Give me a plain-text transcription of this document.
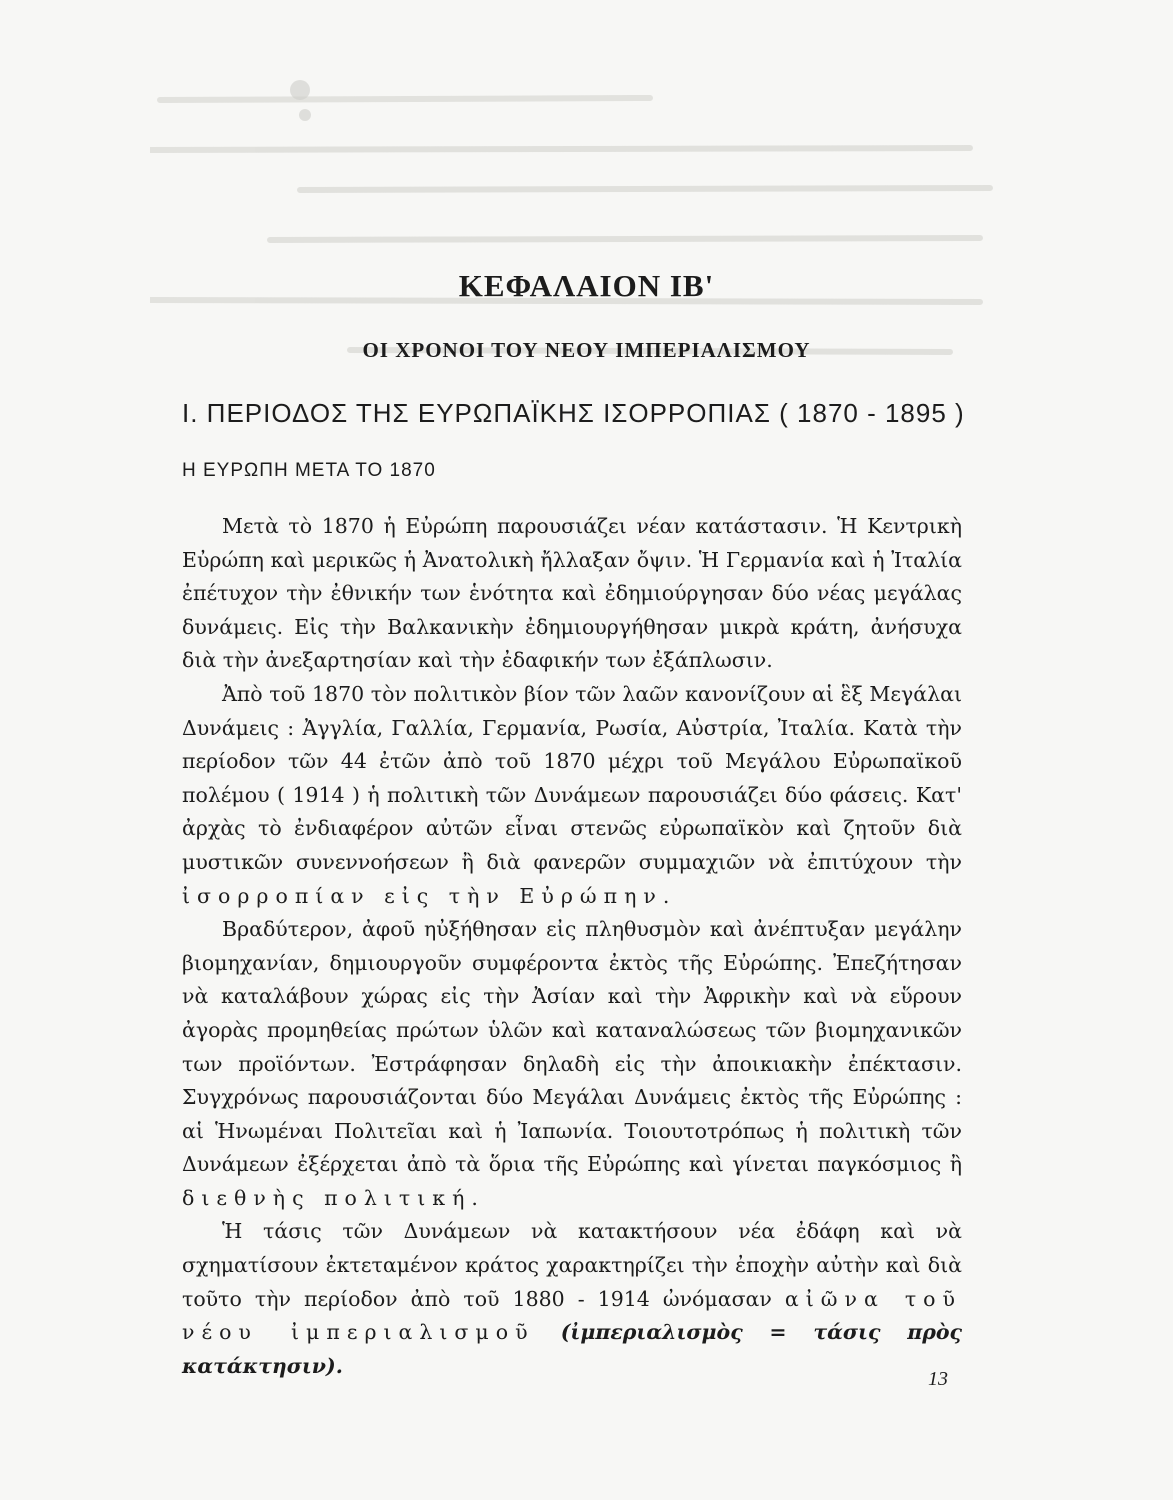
ΚΕΦΑΛΑΙΟΝ ΙΒ'
ΟΙ ΧΡΟΝΟΙ ΤΟΥ ΝΕΟΥ ΙΜΠΕΡΙΑΛΙΣΜΟΥ
Ι. ΠΕΡΙΟΔΟΣ ΤΗΣ ΕΥΡΩΠΑΪΚΗΣ ΙΣΟΡΡΟΠΙΑΣ ( 1870 - 1895 )
Η ΕΥΡΩΠΗ ΜΕΤΑ ΤΟ 1870

Μετὰ τὸ 1870 ἡ Εὐρώπη παρουσιάζει νέαν κατάστασιν. Ἡ Κεντρικὴ Εὐρώπη καὶ μερικῶς ἡ Ἀνατολικὴ ἤλλαξαν ὄψιν. Ἡ Γερμανία καὶ ἡ Ἰταλία ἐπέτυχον τὴν ἐθνικήν των ἑνότητα καὶ ἐδημιούργησαν δύο νέας μεγάλας δυνάμεις. Εἰς τὴν Βαλκανικὴν ἐδημιουργήθησαν μικρὰ κράτη, ἀνήσυχα διὰ τὴν ἀνεξαρτησίαν καὶ τὴν ἐδαφικήν των ἐξάπλωσιν.

Ἀπὸ τοῦ 1870 τὸν πολιτικὸν βίον τῶν λαῶν κανονίζουν αἱ ἓξ Μεγάλαι Δυνάμεις : Ἀγγλία, Γαλλία, Γερμανία, Ρωσία, Αὐστρία, Ἰταλία. Κατὰ τὴν περίοδον τῶν 44 ἐτῶν ἀπὸ τοῦ 1870 μέχρι τοῦ Μεγάλου Εὐρωπαϊκοῦ πολέμου ( 1914 ) ἡ πολιτικὴ τῶν Δυνάμεων παρουσιάζει δύο φάσεις. Κατ' ἀρχὰς τὸ ἐνδιαφέρον αὐτῶν εἶναι στενῶς εὐρωπαϊκὸν καὶ ζητοῦν διὰ μυστικῶν συνεννοήσεων ἢ διὰ φανερῶν συμμαχιῶν νὰ ἐπιτύχουν τὴν ἰσορροπίαν εἰς τὴν Εὐρώπην.

Βραδύτερον, ἀφοῦ ηὐξήθησαν εἰς πληθυσμὸν καὶ ἀνέπτυξαν μεγάλην βιομηχανίαν, δημιουργοῦν συμφέροντα ἐκτὸς τῆς Εὐρώπης. Ἐπεζήτησαν νὰ καταλάβουν χώρας εἰς τὴν Ἀσίαν καὶ τὴν Ἀφρικὴν καὶ νὰ εὕρουν ἀγορὰς προμηθείας πρώτων ὑλῶν καὶ καταναλώσεως τῶν βιομηχανικῶν των προϊόντων. Ἐστράφησαν δηλαδὴ εἰς τὴν ἀποικιακὴν ἐπέκτασιν. Συγχρόνως παρουσιάζονται δύο Μεγάλαι Δυνάμεις ἐκτὸς τῆς Εὐρώπης : αἱ Ἡνωμέναι Πολιτεῖαι καὶ ἡ Ἰαπωνία. Τοιουτοτρόπως ἡ πολιτικὴ τῶν Δυνάμεων ἐξέρχεται ἀπὸ τὰ ὅρια τῆς Εὐρώπης καὶ γίνεται παγκόσμιος ἢ διεθνὴς πολιτική.

Ἡ τάσις τῶν Δυνάμεων νὰ κατακτήσουν νέα ἐδάφη καὶ νὰ σχηματίσουν ἐκτεταμένον κράτος χαρακτηρίζει τὴν ἐποχὴν αὐτὴν καὶ διὰ τοῦτο τὴν περίοδον ἀπὸ τοῦ 1880 - 1914 ὠνόμασαν αἰῶνα τοῦ νέου ἰμπεριαλισμοῦ (ἰμπεριαλισμὸς = τάσις πρὸς κατάκτησιν).

13
